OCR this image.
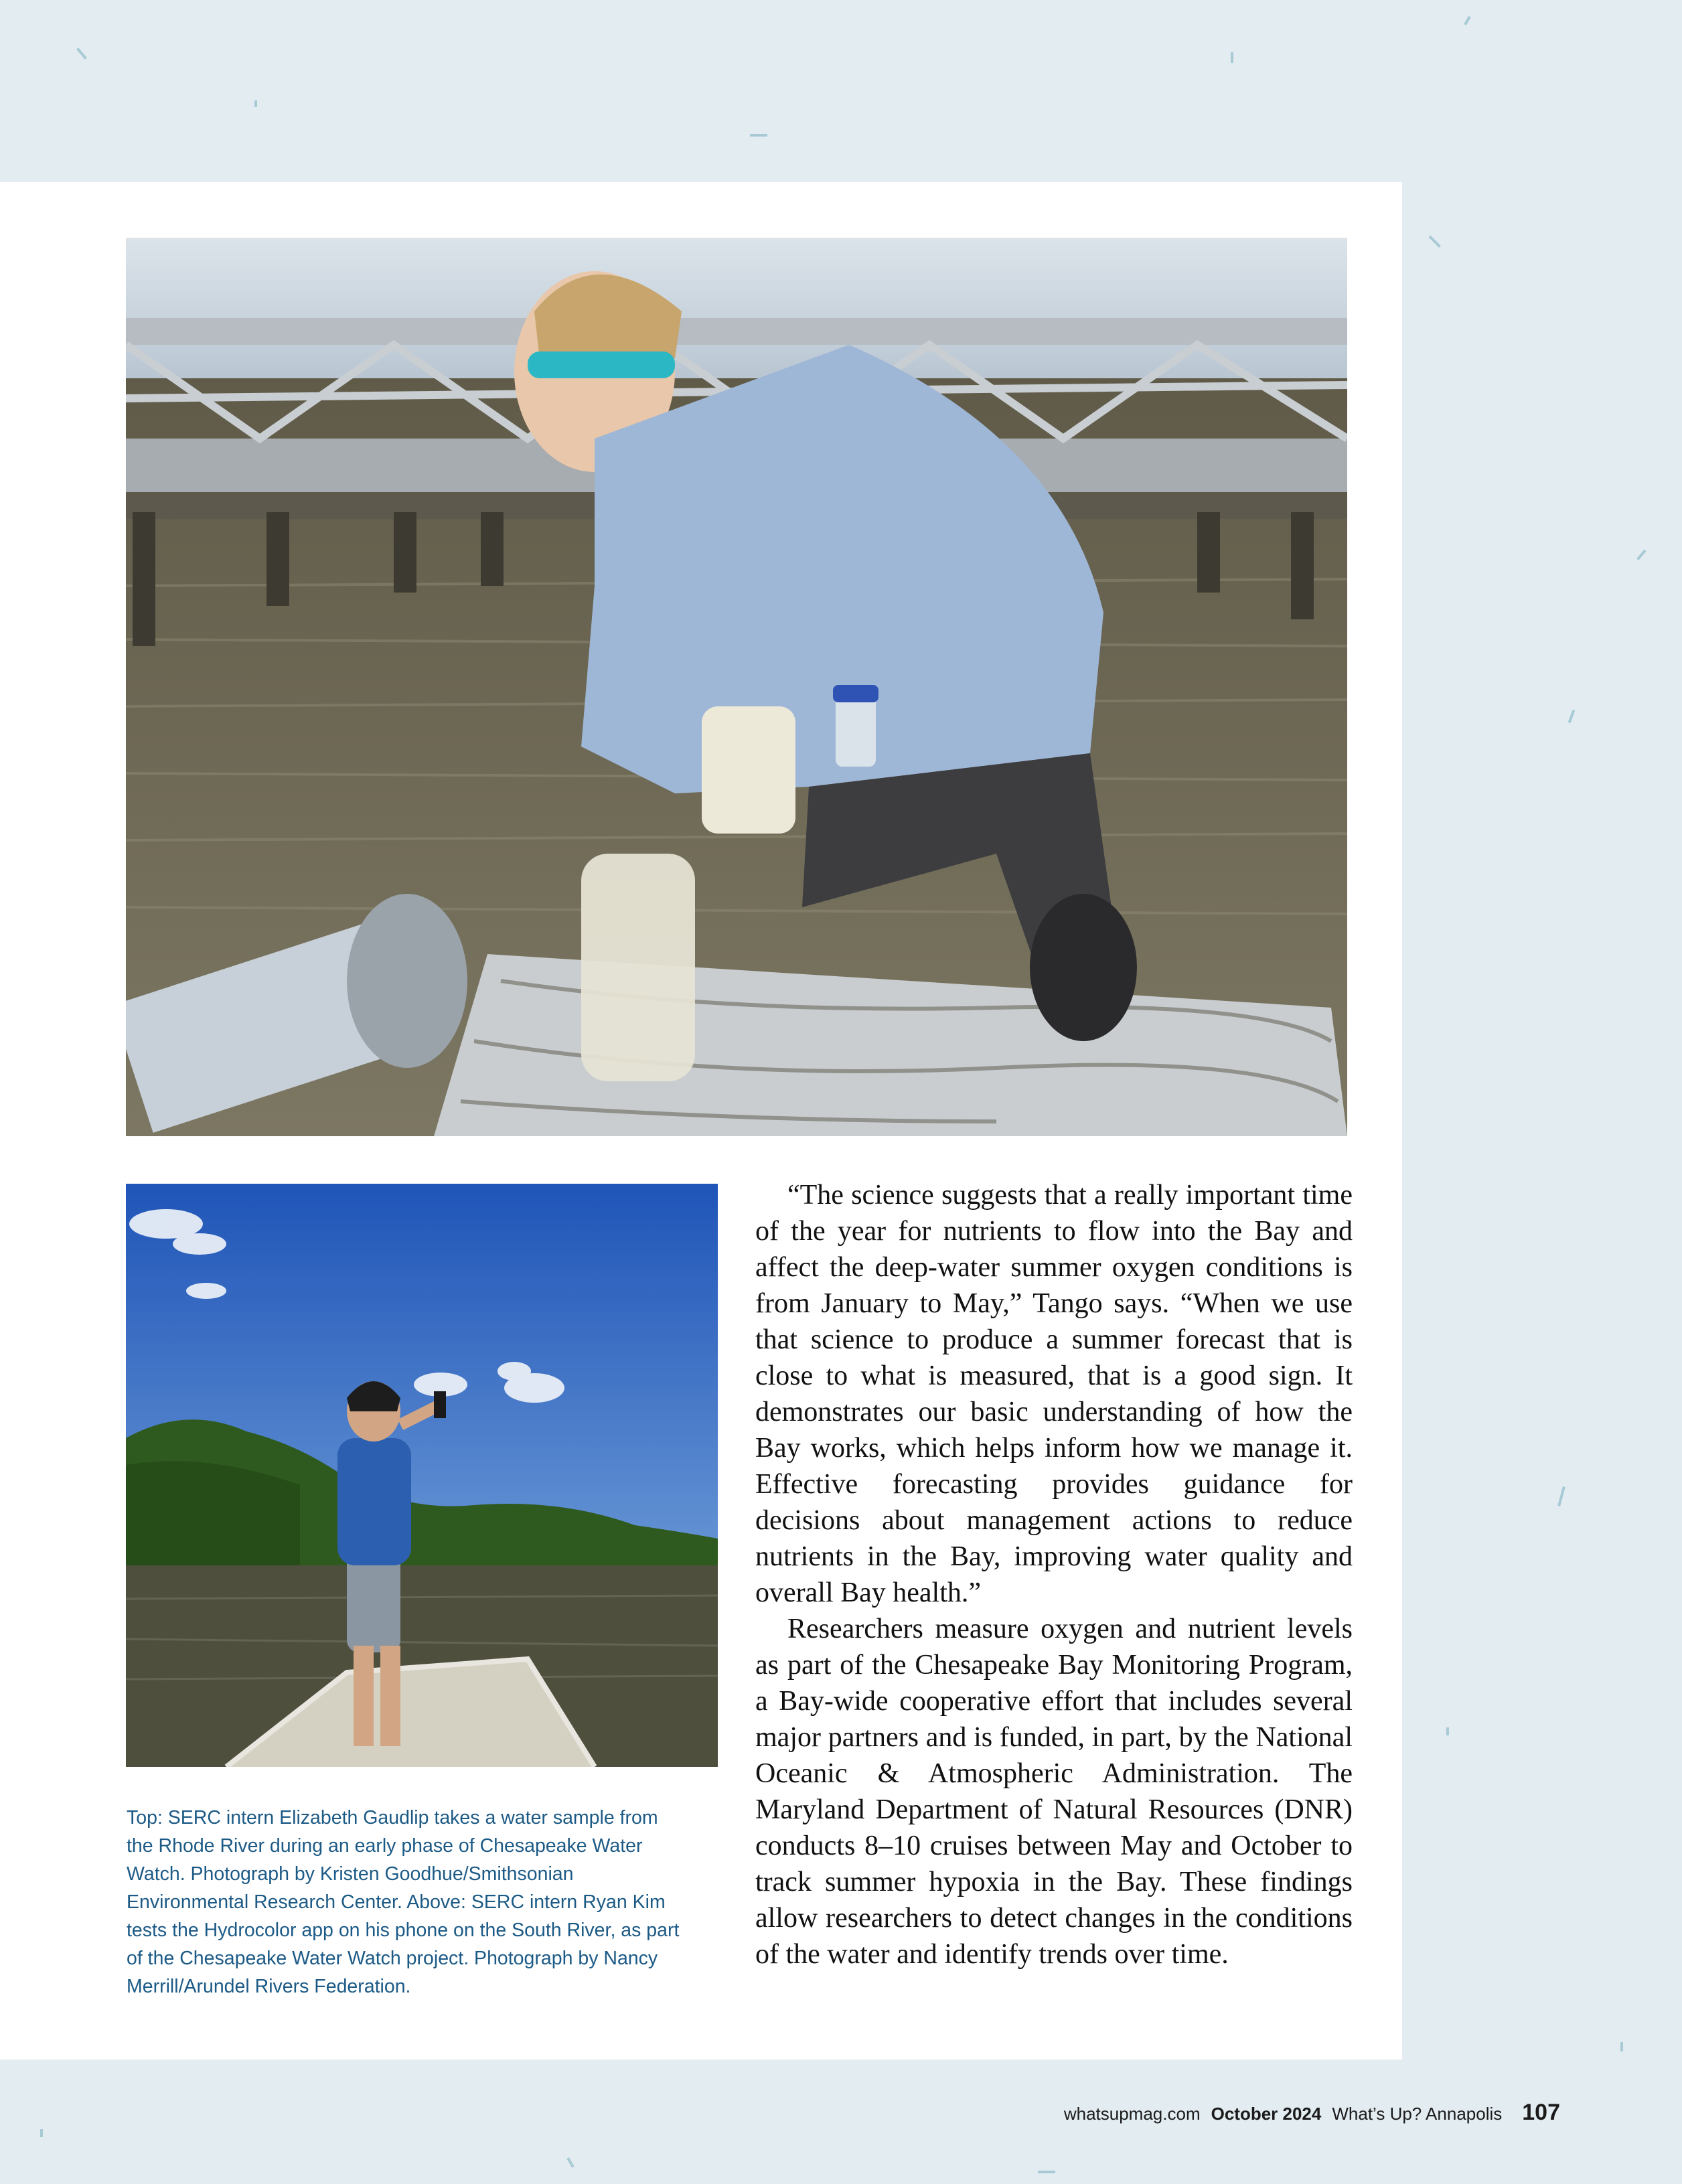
Top: SERC intern Elizabeth Gaudlip takes a water sample from the Rhode River during an early phase of Chesapeake Water Watch. Photograph by Kristen Goodhue/Smithsonian Environmental Research Center. Above: SERC intern Ryan Kim tests the Hydrocolor app on his phone on the South River, as part of the Chesapeake Water Watch project. Photograph by Nancy Merrill/Arundel Rivers Federation.

“The science suggests that a really important time of the year for nutrients to flow into the Bay and affect the deep-water summer oxygen conditions is from January to May,” Tango says. “When we use that science to produce a summer forecast that is close to what is measured, that is a good sign. It demonstrates our basic understanding of how the Bay works, which helps inform how we manage it. Effective forecasting provides guidance for decisions about management actions to reduce nutrients in the Bay, improving water quality and overall Bay health.”

Researchers measure oxygen and nutrient levels as part of the Chesapeake Bay Monitoring Program, a Bay-wide cooperative effort that includes several major partners and is funded, in part, by the National Oceanic & Atmospheric Administration. The Maryland Department of Natural Resources (DNR) conducts 8–10 cruises between May and October to track summer hypoxia in the Bay. These findings allow researchers to detect changes in the conditions of the water and identify trends over time.

whatsupmag.com October 2024 What’s Up? Annapolis 107
